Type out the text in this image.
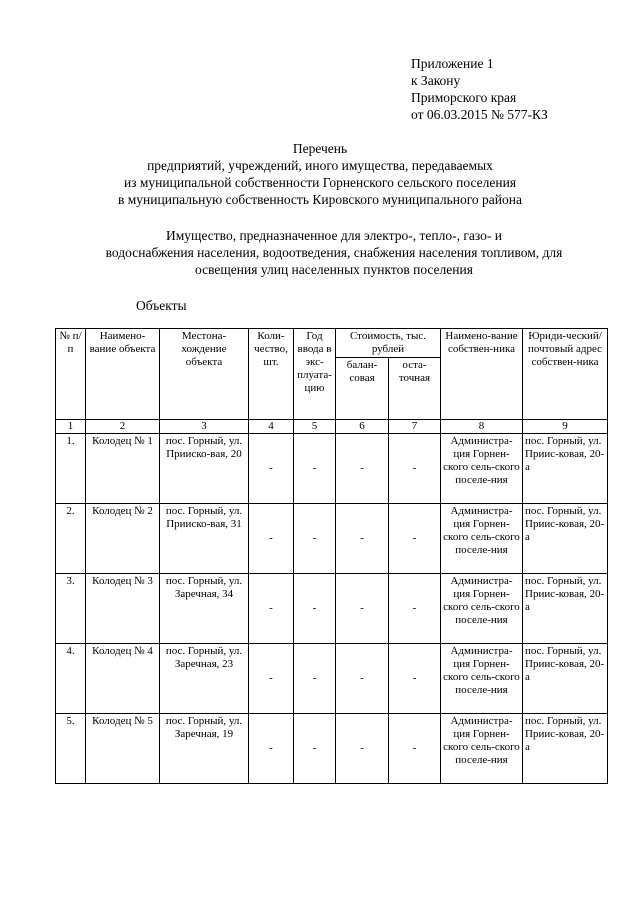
Приложение 1
к Закону
Приморского края
от 06.03.2015 № 577-КЗ
Перечень
предприятий, учреждений, иного имущества, передаваемых
из муниципальной собственности Горненского сельского поселения
в муниципальную собственность Кировского муниципального района
Имущество, предназначенное для электро-, тепло-, газо- и
водоснабжения населения, водоотведения, снабжения населения топливом, для
освещения улиц населенных пунктов поселения
Объекты
№ п/п	Наимено-вание объекта	Местона-хождение объекта	Коли-чество, шт.	Год ввода в экс-плуата-цию	Стоимость, тыс. рублей		Наимено-вание собствен-ника	Юриди-ческий/ почтовый адрес собствен-ника
					балан-совая	оста-точная		
1	2	3	4	5	6	7	8	9
1.	Колодец № 1	пос. Горный, ул. Прииско-вая, 20	-	-	-	-	Администра-ция Горнен-ского сель-ского поселе-ния	пос. Горный, ул. Прииc-ковая, 20-а
2.	Колодец № 2	пос. Горный, ул. Прииско-вая, 31	-	-	-	-	Администра-ция Горнен-ского сель-ского поселе-ния	пос. Горный, ул. Прииc-ковая, 20-а
3.	Колодец № 3	пос. Горный, ул. Заречная, 34	-	-	-	-	Администра-ция Горнен-ского сель-ского поселе-ния	пос. Горный, ул. Прииc-ковая, 20-а
4.	Колодец № 4	пос. Горный, ул. Заречная, 23	-	-	-	-	Администра-ция Горнен-ского сель-ского поселе-ния	пос. Горный, ул. Прииc-ковая, 20-а
5.	Колодец № 5	пос. Горный, ул. Заречная, 19	-	-	-	-	Администра-ция Горнен-ского сель-ского поселе-ния	пос. Горный, ул. Прииc-ковая, 20-а
